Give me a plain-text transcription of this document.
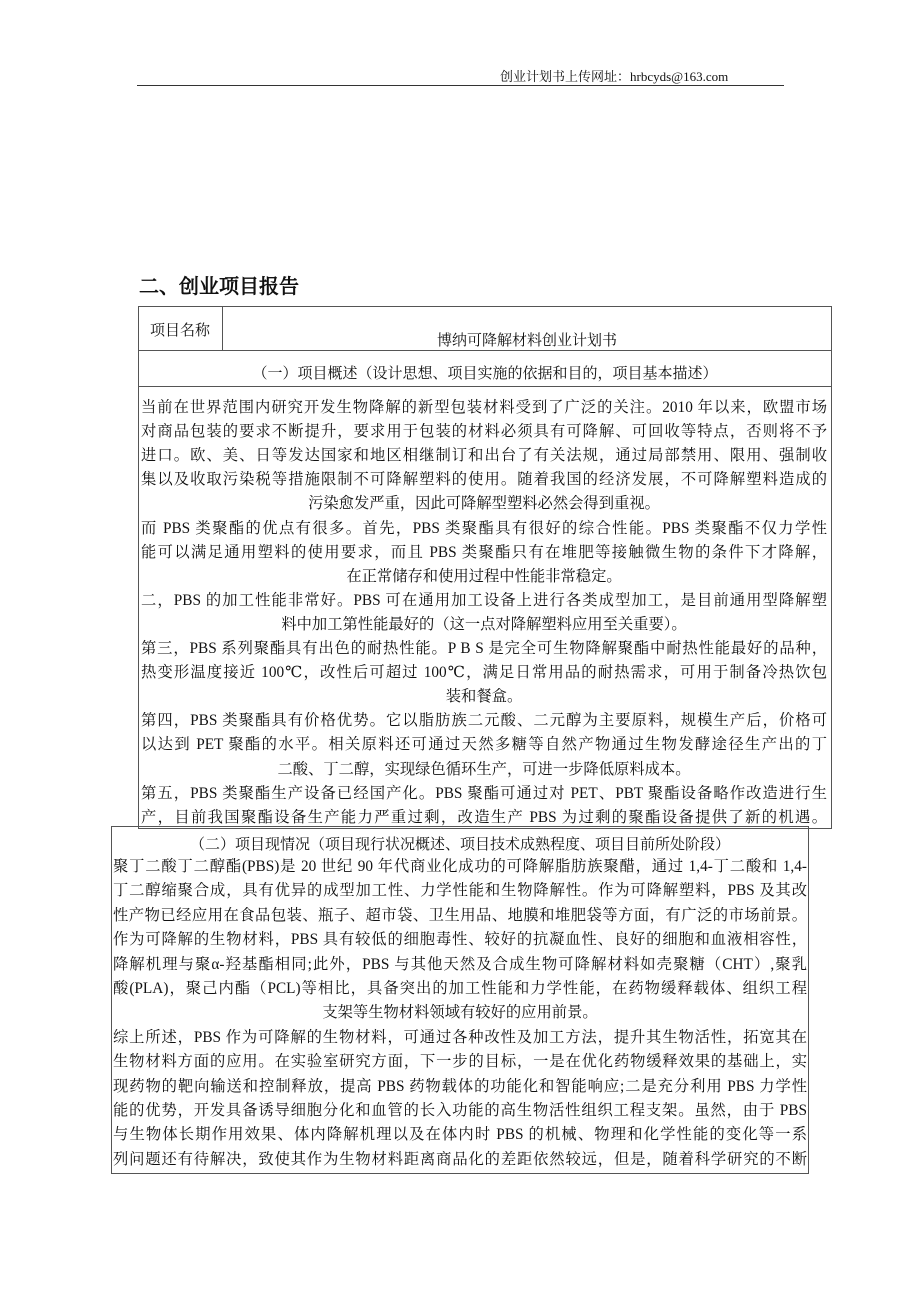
创业计划书上传网址：hrbcyds@163.com
二、创业项目报告
项目名称
博纳可降解材料创业计划书
（一）项目概述（设计思想、项目实施的依据和目的，项目基本描述）
当前在世界范围内研究开发生物降解的新型包装材料受到了广泛的关注。2010 年以来，欧盟市场
对商品包装的要求不断提升，要求用于包装的材料必须具有可降解、可回收等特点，否则将不予
进口。欧、美、日等发达国家和地区相继制订和出台了有关法规，通过局部禁用、限用、强制收
集以及收取污染税等措施限制不可降解塑料的使用。随着我国的经济发展，不可降解塑料造成的
污染愈发严重，因此可降解型塑料必然会得到重视。
而 PBS 类聚酯的优点有很多。首先，PBS 类聚酯具有很好的综合性能。PBS 类聚酯不仅力学性
能可以满足通用塑料的使用要求，而且 PBS 类聚酯只有在堆肥等接触微生物的条件下才降解，
在正常储存和使用过程中性能非常稳定。
二，PBS 的加工性能非常好。PBS 可在通用加工设备上进行各类成型加工，是目前通用型降解塑
料中加工第性能最好的（这一点对降解塑料应用至关重要）。
第三，PBS 系列聚酯具有出色的耐热性能。P B S 是完全可生物降解聚酯中耐热性能最好的品种，
热变形温度接近 100℃，改性后可超过 100℃，满足日常用品的耐热需求，可用于制备冷热饮包
装和餐盒。
第四，PBS 类聚酯具有价格优势。它以脂肪族二元酸、二元醇为主要原料，规模生产后，价格可
以达到 PET 聚酯的水平。相关原料还可通过天然多糖等自然产物通过生物发酵途径生产出的丁
二酸、丁二醇，实现绿色循环生产，可进一步降低原料成本。
第五，PBS 类聚酯生产设备已经国产化。PBS 聚酯可通过对 PET、PBT 聚酯设备略作改造进行生
产，目前我国聚酯设备生产能力严重过剩，改造生产 PBS 为过剩的聚酯设备提供了新的机遇。
（二）项目现情况（项目现行状况概述、项目技术成熟程度、项目目前所处阶段）
聚丁二酸丁二醇酯(PBS)是 20 世纪 90 年代商业化成功的可降解脂肪族聚醋，通过 1,4-丁二酸和 1,4-
丁二醇缩聚合成，具有优异的成型加工性、力学性能和生物降解性。作为可降解塑料，PBS 及其改
性产物已经应用在食品包装、瓶子、超市袋、卫生用品、地膜和堆肥袋等方面，有广泛的市场前景。
作为可降解的生物材料，PBS 具有较低的细胞毒性、较好的抗凝血性、良好的细胞和血液相容性，
降解机理与聚α-羟基酯相同;此外，PBS 与其他天然及合成生物可降解材料如壳聚糖（CHT）,聚乳
酸(PLA)，聚己内酯（PCL)等相比，具备突出的加工性能和力学性能，在药物缓释载体、组织工程
支架等生物材料领域有较好的应用前景。
综上所述，PBS 作为可降解的生物材料，可通过各种改性及加工方法，提升其生物活性，拓宽其在
生物材料方面的应用。在实验室研究方面，下一步的目标，一是在优化药物缓释效果的基础上，实
现药物的靶向输送和控制释放，提高 PBS 药物载体的功能化和智能响应;二是充分利用 PBS 力学性
能的优势，开发具备诱导细胞分化和血管的长入功能的高生物活性组织工程支架。虽然，由于 PBS
与生物体长期作用效果、体内降解机理以及在体内时 PBS 的机械、物理和化学性能的变化等一系
列问题还有待解决，致使其作为生物材料距离商品化的差距依然较远，但是，随着科学研究的不断
